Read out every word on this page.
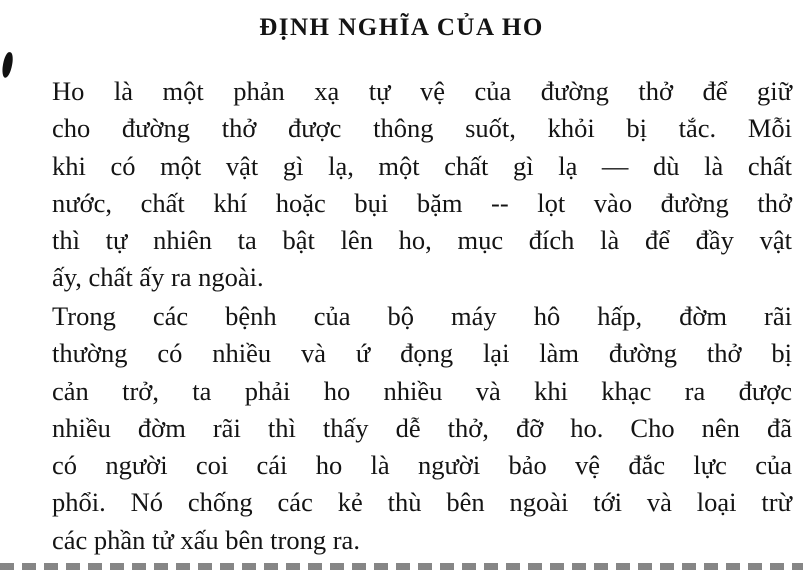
ĐỊNH NGHĨA CỦA HO
Ho là một phản xạ tự vệ của đường thở để giữ
cho đường thở được thông suốt, khỏi bị tắc. Mỗi
khi có một vật gì lạ, một chất gì lạ — dù là chất
nước, chất khí hoặc bụi bặm -- lọt vào đường thở
thì tự nhiên ta bật lên ho, mục đích là để đầy vật
ấy, chất ấy ra ngoài.
Trong các bệnh của bộ máy hô hấp, đờm rãi
thường có nhiều và ứ đọng lại làm đường thở bị
cản trở, ta phải ho nhiều và khi khạc ra được
nhiều đờm rãi thì thấy dễ thở, đỡ ho. Cho nên đã
có người coi cái ho là người bảo vệ đắc lực của
phổi. Nó chống các kẻ thù bên ngoài tới và loại trừ
các phần tử xấu bên trong ra.
